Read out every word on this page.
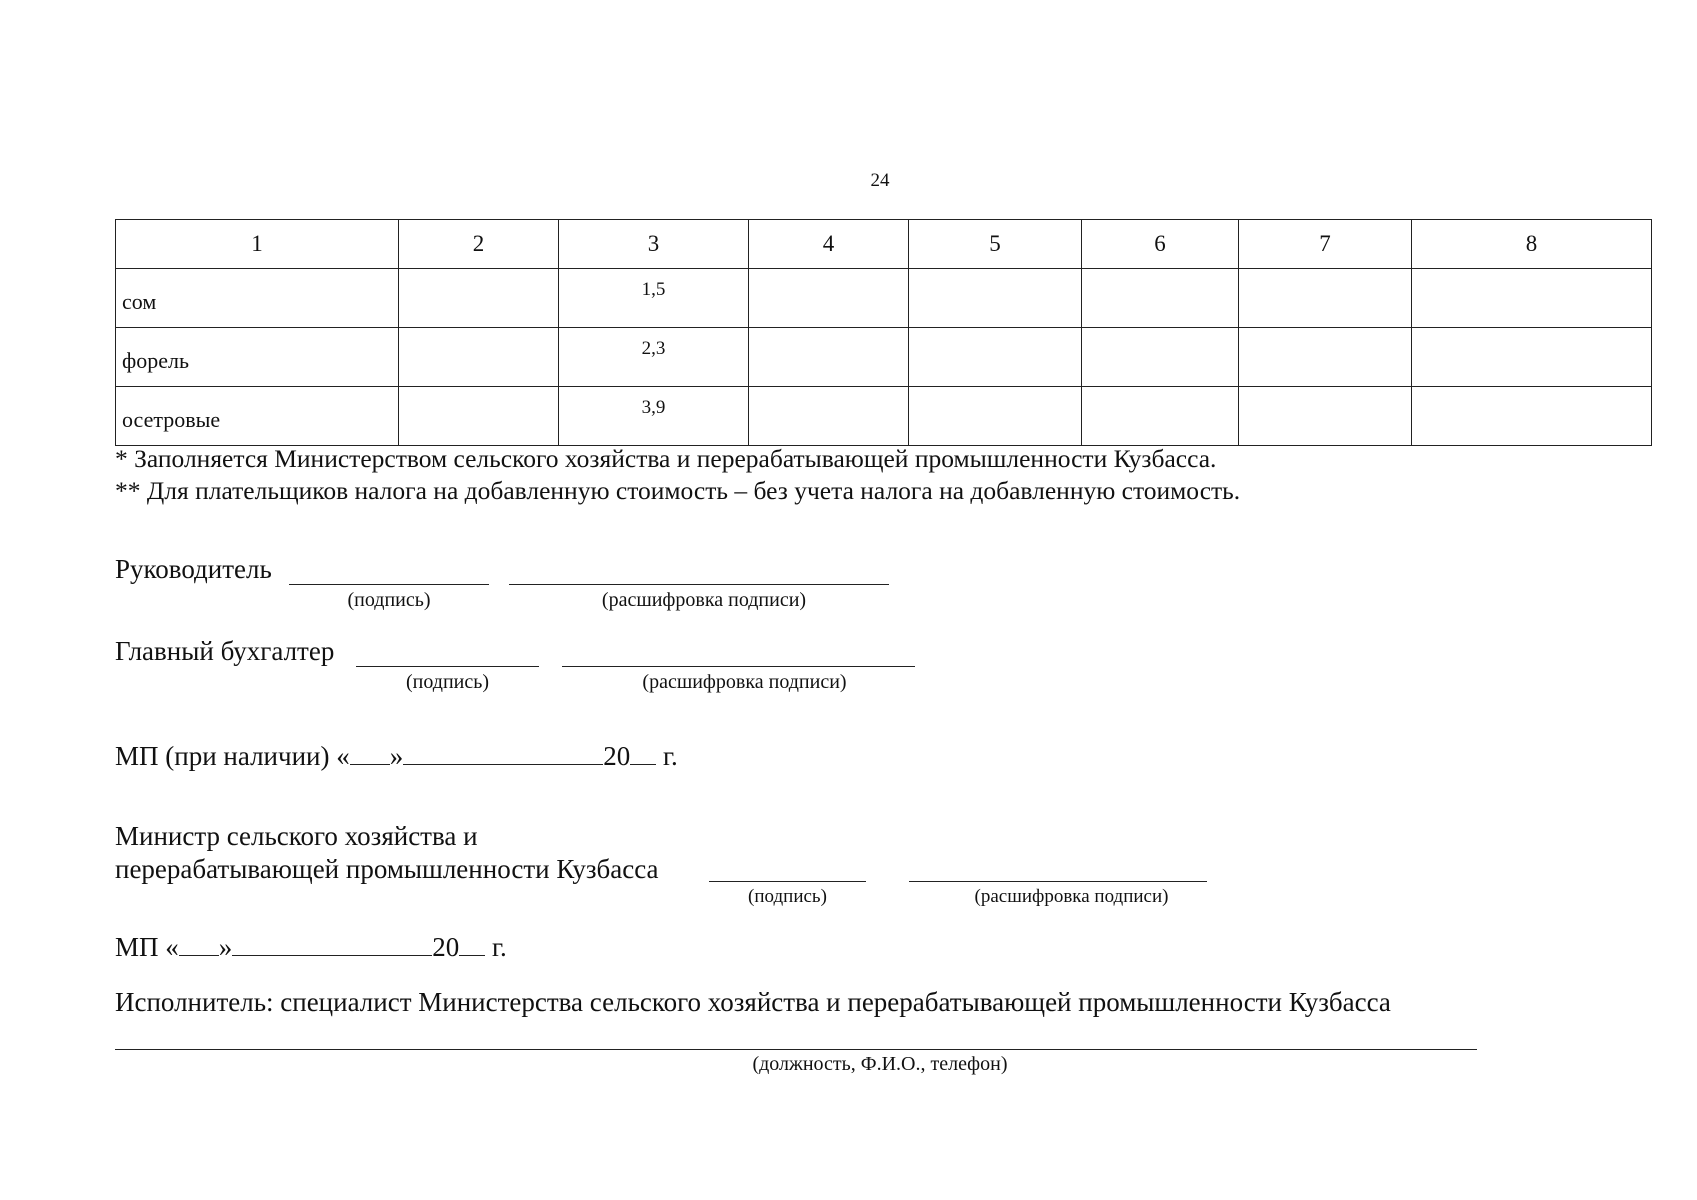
24
1	2	3	4	5	6	7	8
сом		1,5					
форель		2,3					
осетровые		3,9					
* Заполняется Министерством сельского хозяйства и перерабатывающей промышленности Кузбасса.
** Для плательщиков налога на добавленную стоимость – без учета налога на добавленную стоимость.
Руководитель
(подпись)	(расшифровка подписи)
Главный бухгалтер
(подпись)	(расшифровка подписи)
МП (при наличии) « »	20 г.
Министр сельского хозяйства и
перерабатывающей промышленности Кузбасса
(подпись)	(расшифровка подписи)
МП « »	20 г.
Исполнитель: специалист Министерства сельского хозяйства и перерабатывающей промышленности Кузбасса
(должность, Ф.И.О., телефон)
